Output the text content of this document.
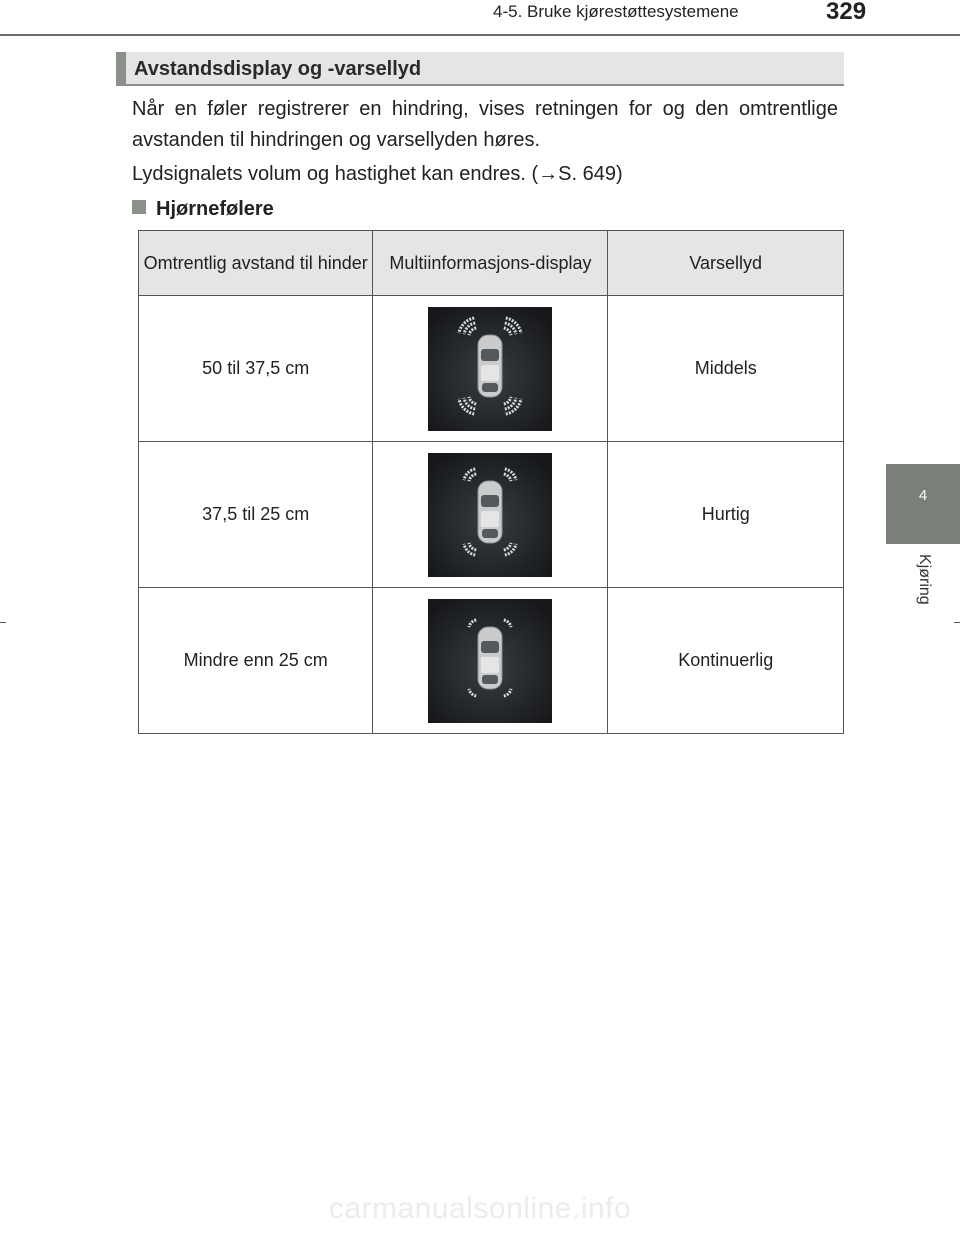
4-5. Bruke kjørestøttesystemene	329
4
Kjøring
Avstandsdisplay og -varsellyd
Når en føler registrerer en hindring, vises retningen for og den omtrentlige avstanden til hindringen og varsellyden høres.
Lydsignalets volum og hastighet kan endres. (→S. 649)
Hjørnefølere
Omtrentlig avstand til hinder	Multiinformasjons-display	Varsellyd
50 til 37,5 cm		Middels
37,5 til 25 cm		Hurtig
Mindre enn 25 cm		Kontinuerlig
carmanualsonline.info
